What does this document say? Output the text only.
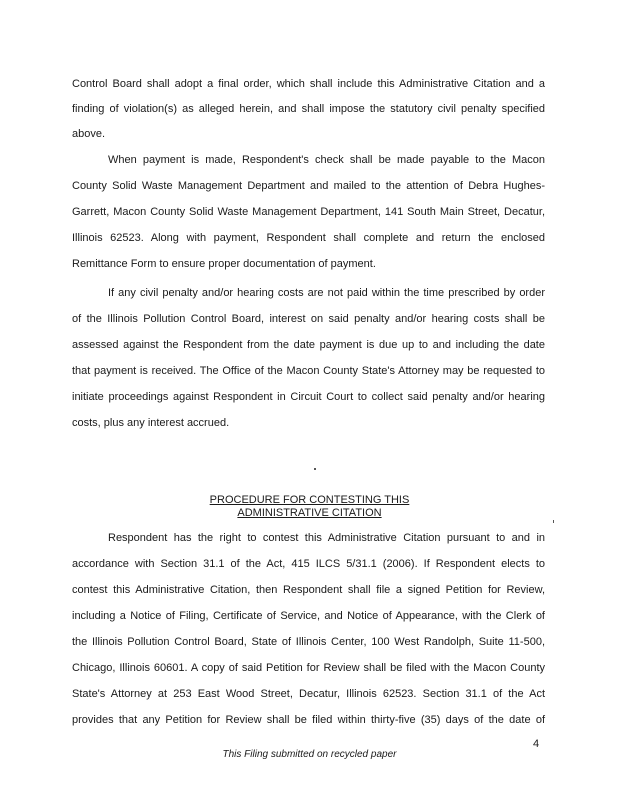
Control Board shall adopt a final order, which shall include this Administrative Citation and a
finding of violation(s) as alleged herein, and shall impose the statutory civil penalty specified
above.
When payment is made, Respondent's check shall be made payable to the Macon
County Solid Waste Management Department and mailed to the attention of Debra Hughes-
Garrett, Macon County Solid Waste Management Department, 141 South Main Street, Decatur,
Illinois 62523. Along with payment, Respondent shall complete and return the enclosed
Remittance Form to ensure proper documentation of payment.
If any civil penalty and/or hearing costs are not paid within the time prescribed by order
of the Illinois Pollution Control Board, interest on said penalty and/or hearing costs shall be
assessed against the Respondent from the date payment is due up to and including the date
that payment is received. The Office of the Macon County State's Attorney may be requested to
initiate proceedings against Respondent in Circuit Court to collect said penalty and/or hearing
costs, plus any interest accrued.
PROCEDURE FOR CONTESTING THIS
ADMINISTRATIVE CITATION
Respondent has the right to contest this Administrative Citation pursuant to and in
accordance with Section 31.1 of the Act, 415 ILCS 5/31.1 (2006). If Respondent elects to
contest this Administrative Citation, then Respondent shall file a signed Petition for Review,
including a Notice of Filing, Certificate of Service, and Notice of Appearance, with the Clerk of
the Illinois Pollution Control Board, State of Illinois Center, 100 West Randolph, Suite 11-500,
Chicago, Illinois 60601. A copy of said Petition for Review shall be filed with the Macon County
State's Attorney at 253 East Wood Street, Decatur, Illinois 62523. Section 31.1 of the Act
provides that any Petition for Review shall be filed within thirty-five (35) days of the date of
4
This Filing submitted on recycled paper
